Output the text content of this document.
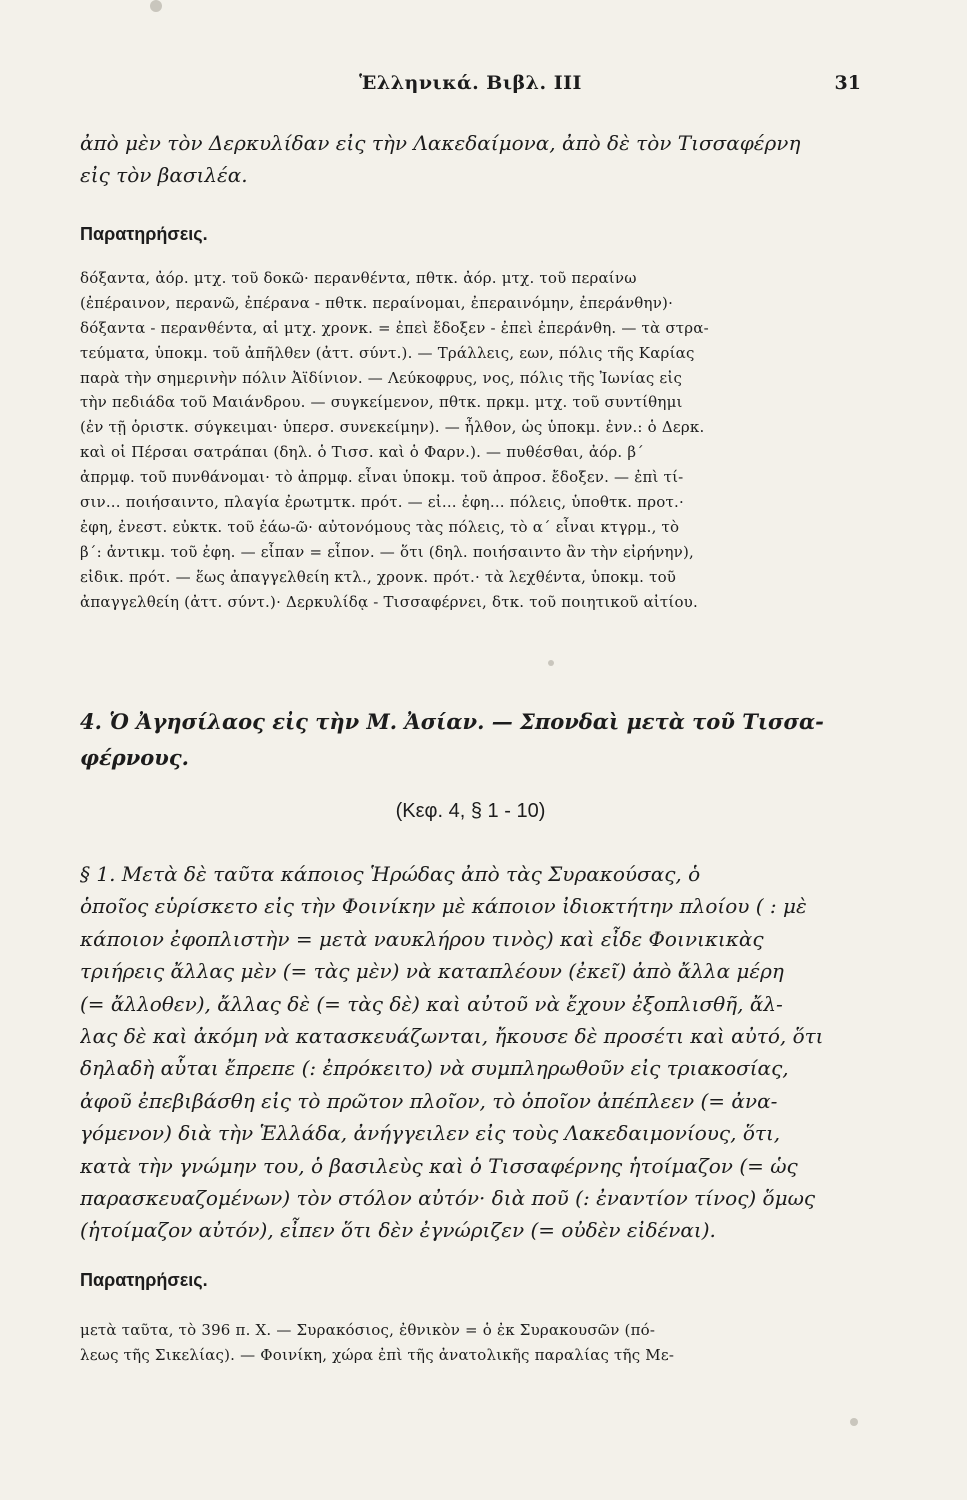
Ἑλληνικά. Βιβλ. ΙΙΙ	31
ἀπὸ μὲν τὸν Δερκυλίδαν εἰς τὴν Λακεδαίμονα, ἀπὸ δὲ τὸν Τισσαφέρνη
εἰς τὸν βασιλέα.
Παρατηρήσεις.
δόξαντα, ἀόρ. μτχ. τοῦ δοκῶ· περανθέντα, πθτκ. ἀόρ. μτχ. τοῦ περαίνω
(ἐπέραινον, περανῶ, ἐπέρανα - πθτκ. περαίνομαι, ἐπεραινόμην, ἐπεράνθην)·
δόξαντα - περανθέντα, αἱ μτχ. χρονκ. = ἐπεὶ ἔδοξεν - ἐπεὶ ἐπεράνθη. — τὰ στρα-
τεύματα, ὑποκμ. τοῦ ἀπῆλθεν (ἀττ. σύντ.). — Τράλλεις, εων, πόλις τῆς Καρίας
παρὰ τὴν σημερινὴν πόλιν Ἀϊδίνιον. — Λεύκοφρυς, νος, πόλις τῆς Ἰωνίας εἰς
τὴν πεδιάδα τοῦ Μαιάνδρου. — συγκείμενον, πθτκ. πρκμ. μτχ. τοῦ συντίθημι
(ἐν τῇ ὁριστκ. σύγκειμαι· ὑπερσ. συνεκείμην). — ἦλθον, ὡς ὑποκμ. ἐνν.: ὁ Δερκ.
καὶ οἱ Πέρσαι σατράπαι (δηλ. ὁ Τισσ. καὶ ὁ Φαρν.). — πυθέσθαι, ἀόρ. β΄
ἀπρμφ. τοῦ πυνθάνομαι· τὸ ἀπρμφ. εἶναι ὑποκμ. τοῦ ἀπροσ. ἔδοξεν. — ἐπὶ τί-
σιν... ποιήσαιντο, πλαγία ἐρωτμτκ. πρότ. — εἰ... ἐφη... πόλεις, ὑποθτκ. προτ.·
ἐφη, ἐνεστ. εὐκτκ. τοῦ ἐάω-ῶ· αὐτονόμους τὰς πόλεις, τὸ α΄ εἶναι κτγρμ., τὸ
β΄: ἀντικμ. τοῦ ἐφη. — εἶπαν = εἶπον. — ὅτι (δηλ. ποιήσαιντο ἂν τὴν εἰρήνην),
εἰδικ. πρότ. — ἕως ἀπαγγελθείη κτλ., χρονκ. πρότ.· τὰ λεχθέντα, ὑποκμ. τοῦ
ἀπαγγελθείη (ἀττ. σύντ.)· Δερκυλίδᾳ - Τισσαφέρνει, δτκ. τοῦ ποιητικοῦ αἰτίου.
4. Ὁ Ἀγησίλαος εἰς τὴν Μ. Ἀσίαν. — Σπονδαὶ μετὰ τοῦ Τισσα-
φέρνους.
(Κεφ. 4, § 1 - 10)
§ 1. Μετὰ δὲ ταῦτα κάποιος Ἡρώδας ἀπὸ τὰς Συρακούσας, ὁ
ὁποῖος εὑρίσκετο εἰς τὴν Φοινίκην μὲ κάποιον ἰδιοκτήτην πλοίου ( : μὲ
κάποιον ἐφοπλιστὴν = μετὰ ναυκλήρου τινὸς) καὶ εἶδε Φοινικικὰς
τριήρεις ἄλλας μὲν (= τὰς μὲν) νὰ καταπλέουν (ἐκεῖ) ἀπὸ ἄλλα μέρη
(= ἄλλοθεν), ἄλλας δὲ (= τὰς δὲ) καὶ αὐτοῦ νὰ ἔχουν ἐξοπλισθῆ, ἄλ-
λας δὲ καὶ ἀκόμη νὰ κατασκευάζωνται, ἤκουσε δὲ προσέτι καὶ αὐτό, ὅτι
δηλαδὴ αὗται ἔπρεπε (: ἐπρόκειτο) νὰ συμπληρωθοῦν εἰς τριακοσίας,
ἀφοῦ ἐπεβιβάσθη εἰς τὸ πρῶτον πλοῖον, τὸ ὁποῖον ἀπέπλεεν (= ἀνα-
γόμενον) διὰ τὴν Ἑλλάδα, ἀνήγγειλεν εἰς τοὺς Λακεδαιμονίους, ὅτι,
κατὰ τὴν γνώμην του, ὁ βασιλεὺς καὶ ὁ Τισσαφέρνης ἡτοίμαζον (= ὡς
παρασκευαζομένων) τὸν στόλον αὐτόν· διὰ ποῦ (: ἐναντίον τίνος) ὅμως
(ἡτοίμαζον αὐτόν), εἶπεν ὅτι δὲν ἐγνώριζεν (= οὐδὲν εἰδέναι).
Παρατηρήσεις.
μετὰ ταῦτα, τὸ 396 π. Χ. — Συρακόσιος, ἐθνικὸν = ὁ ἐκ Συρακουσῶν (πό-
λεως τῆς Σικελίας). — Φοινίκη, χώρα ἐπὶ τῆς ἀνατολικῆς παραλίας τῆς Με-
